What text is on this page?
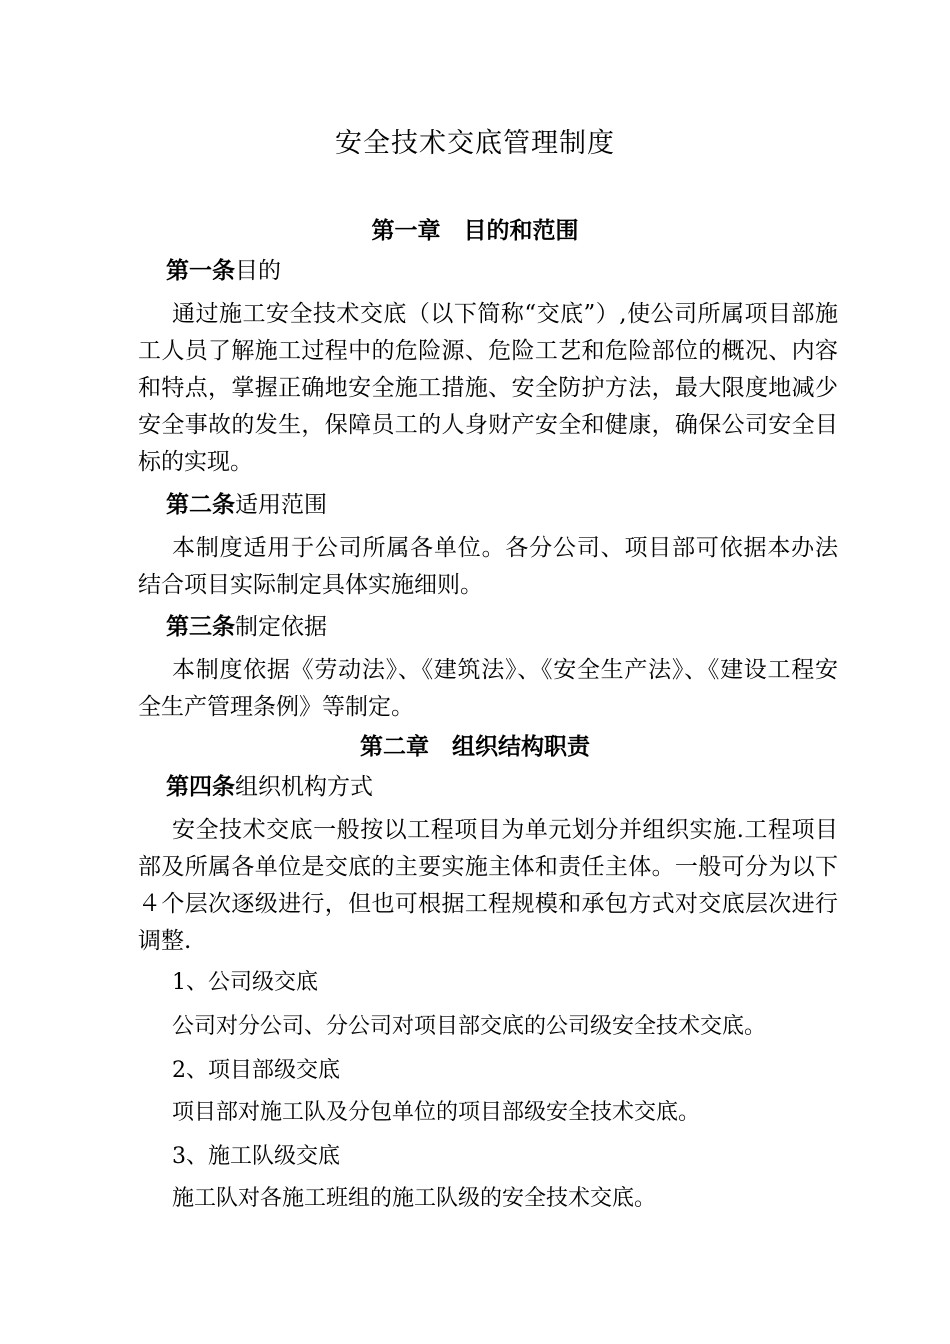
安全技术交底管理制度
第一章　目的和范围
第一条目的
通过施工安全技术交底（以下简称“交底”）,使公司所属项目部施工人员了解施工过程中的危险源、危险工艺和危险部位的概况、内容和特点，掌握正确地安全施工措施、安全防护方法，最大限度地减少安全事故的发生，保障员工的人身财产安全和健康，确保公司安全目标的实现。
第二条适用范围
本制度适用于公司所属各单位。各分公司、项目部可依据本办法结合项目实际制定具体实施细则。
第三条制定依据
本制度依据《劳动法》、《建筑法》、《安全生产法》、《建设工程安全生产管理条例》等制定。
第二章　组织结构职责
第四条组织机构方式
安全技术交底一般按以工程项目为单元划分并组织实施.工程项目部及所属各单位是交底的主要实施主体和责任主体。一般可分为以下４个层次逐级进行，但也可根据工程规模和承包方式对交底层次进行调整.
1、公司级交底
公司对分公司、分公司对项目部交底的公司级安全技术交底。
2、项目部级交底
项目部对施工队及分包单位的项目部级安全技术交底。
3、施工队级交底
施工队对各施工班组的施工队级的安全技术交底。
